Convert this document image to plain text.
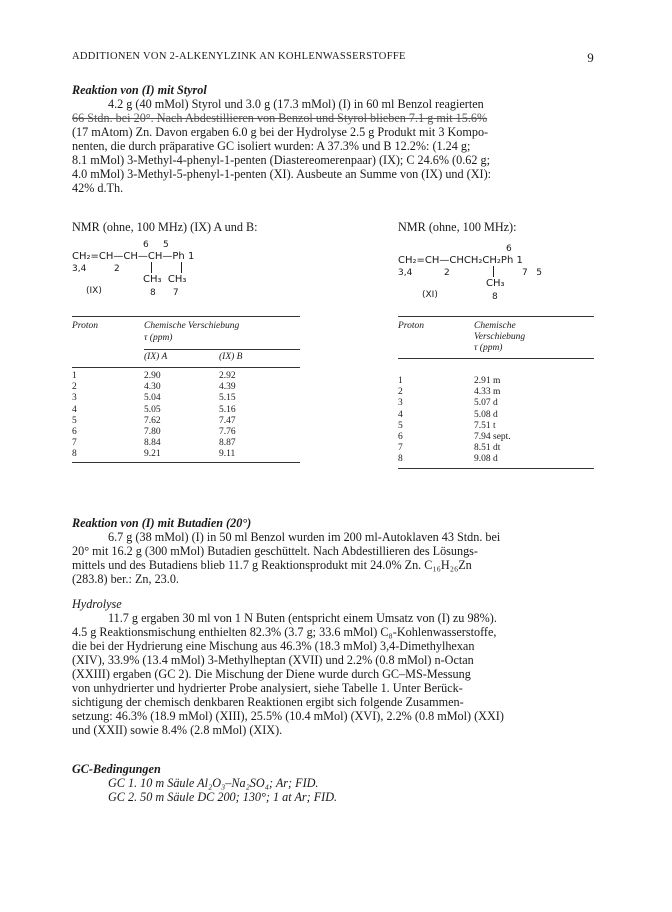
ADDITIONEN VON 2-ALKENYLZINK AN KOHLENWASSERSTOFFE	9
Reaktion von (I) mit Styrol
4.2 g (40 mMol) Styrol und 3.0 g (17.3 mMol) (I) in 60 ml Benzol reagierten
66 Stdn. bei 20°. Nach Abdestillieren von Benzol und Styrol blieben 7.1 g mit 15.6%
(17 mAtom) Zn. Davon ergaben 6.0 g bei der Hydrolyse 2.5 g Produkt mit 3 Kompo-
nenten, die durch präparative GC isoliert wurden: A 37.3% und B 12.2%: (1.24 g;
8.1 mMol) 3-Methyl-4-phenyl-1-penten (Diastereomerenpaar) (IX); C 24.6% (0.62 g;
4.0 mMol) 3-Methyl-5-phenyl-1-penten (XI). Ausbeute an Summe von (IX) und (XI):
42% d.Th.
NMR (ohne, 100 MHz) (IX) A und B:
6     5
CH₂=CH—CH—CH—Ph 1
3,4	2
CH₃  CH₃
(IX)	8      7
Proton	Chemische Verschiebung
τ (ppm)
(IX) A	(IX) B
1	2.90	2.92
2	4.30	4.39
3	5.04	5.15
4	5.05	5.16
5	7.62	7.47
6	7.80	7.76
7	8.84	8.87
8	9.21	9.11
NMR (ohne, 100 MHz):
6
CH₂=CH—CHCH₂CH₂Ph 1
3,4	2	7   5
CH₃
(XI)	8
Proton	Chemische
Verschiebung
τ (ppm)
1	2.91 m
2	4.33 m
3	5.07 d
4	5.08 d
5	7.51 t
6	7.94 sept.
7	8.51 dt
8	9.08 d
Reaktion von (I) mit Butadien (20°)
6.7 g (38 mMol) (I) in 50 ml Benzol wurden im 200 ml-Autoklaven 43 Stdn. bei
20° mit 16.2 g (300 mMol) Butadien geschüttelt. Nach Abdestillieren des Lösungs-
mittels und des Butadiens blieb 11.7 g Reaktionsprodukt mit 24.0% Zn. C₁₆H₂₆Zn
(283.8) ber.: Zn, 23.0.
Hydrolyse
11.7 g ergaben 30 ml von 1 N Buten (entspricht einem Umsatz von (I) zu 98%).
4.5 g Reaktionsmischung enthielten 82.3% (3.7 g; 33.6 mMol) C₈-Kohlenwasserstoffe,
die bei der Hydrierung eine Mischung aus 46.3% (18.3 mMol) 3,4-Dimethylhexan
(XIV), 33.9% (13.4 mMol) 3-Methylheptan (XVII) und 2.2% (0.8 mMol) n-Octan
(XXIII) ergaben (GC 2). Die Mischung der Diene wurde durch GC–MS-Messung
von unhydrierter und hydrierter Probe analysiert, siehe Tabelle 1. Unter Berück-
sichtigung der chemisch denkbaren Reaktionen ergibt sich folgende Zusammen-
setzung: 46.3% (18.9 mMol) (XIII), 25.5% (10.4 mMol) (XVI), 2.2% (0.8 mMol) (XXI)
und (XXII) sowie 8.4% (2.8 mMol) (XIX).
GC-Bedingungen
GC 1. 10 m Säule Al₂O₃–Na₂SO₄; Ar; FID.
GC 2. 50 m Säule DC 200; 130°; 1 at Ar; FID.
